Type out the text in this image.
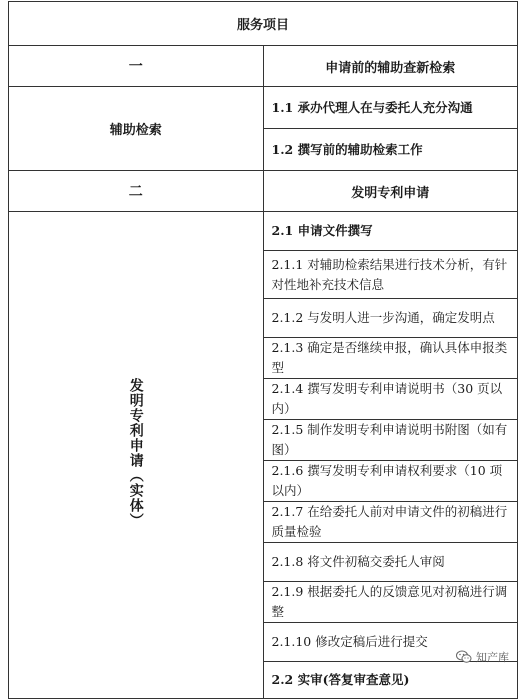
服务项目	
一	申请前的辅助查新检索
辅助检索	1.1 承办代理人在与委托人充分沟通
	1.2 撰写前的辅助检索工作
二	发明专利申请
发明专利申请（实体）	2.1 申请文件撰写
	2.1.1 对辅助检索结果进行技术分析，有针对性地补充技术信息
	2.1.2 与发明人进一步沟通，确定发明点
	2.1.3 确定是否继续申报，确认具体申报类型
	2.1.4 撰写发明专利申请说明书（30 页以内）
	2.1.5 制作发明专利申请说明书附图（如有图）
	2.1.6 撰写发明专利申请权利要求（10 项以内）
	2.1.7 在给委托人前对申请文件的初稿进行质量检验
	2.1.8 将文件初稿交委托人审阅
	2.1.9 根据委托人的反馈意见对初稿进行调整
	2.1.10 修改定稿后进行提交
	2.2 实审(答复审查意见)
知产库
